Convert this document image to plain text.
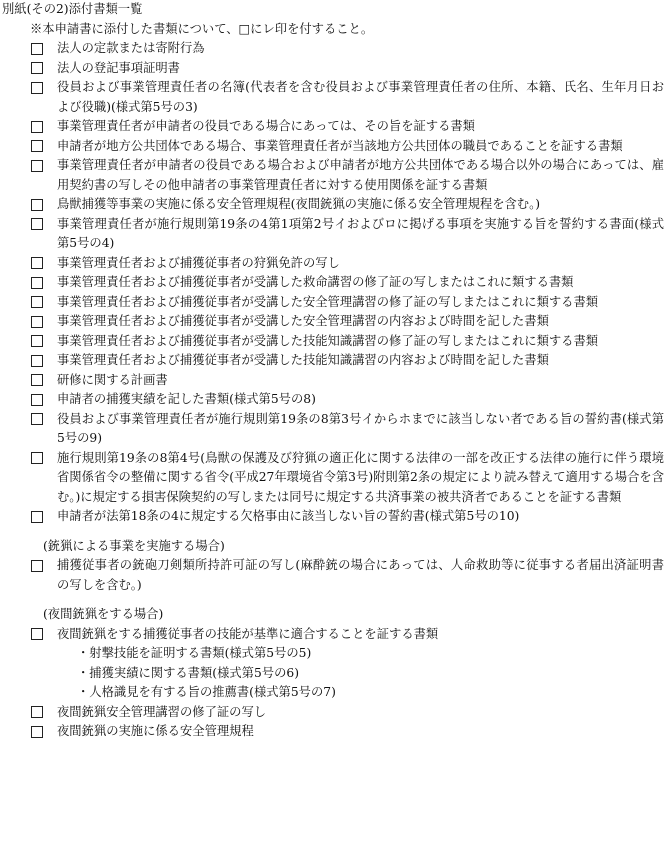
別紙(その2)添付書類一覧
※本申請書に添付した書類について、□にレ印を付すること。
法人の定款または寄附行為
法人の登記事項証明書
役員および事業管理責任者の名簿(代表者を含む役員および事業管理責任者の住所、本籍、氏名、生年月日および役職)(様式第5号の3)
事業管理責任者が申請者の役員である場合にあっては、その旨を証する書類
申請者が地方公共団体である場合、事業管理責任者が当該地方公共団体の職員であることを証する書類
事業管理責任者が申請者の役員である場合および申請者が地方公共団体である場合以外の場合にあっては、雇用契約書の写しその他申請者の事業管理責任者に対する使用関係を証する書類
鳥獣捕獲等事業の実施に係る安全管理規程(夜間銃猟の実施に係る安全管理規程を含む。)
事業管理責任者が施行規則第19条の4第1項第2号イおよびロに掲げる事項を実施する旨を誓約する書面(様式第5号の4)
事業管理責任者および捕獲従事者の狩猟免許の写し
事業管理責任者および捕獲従事者が受講した救命講習の修了証の写しまたはこれに類する書類
事業管理責任者および捕獲従事者が受講した安全管理講習の修了証の写しまたはこれに類する書類
事業管理責任者および捕獲従事者が受講した安全管理講習の内容および時間を記した書類
事業管理責任者および捕獲従事者が受講した技能知識講習の修了証の写しまたはこれに類する書類
事業管理責任者および捕獲従事者が受講した技能知識講習の内容および時間を記した書類
研修に関する計画書
申請者の捕獲実績を記した書類(様式第5号の8)
役員および事業管理責任者が施行規則第19条の8第3号イからホまでに該当しない者である旨の誓約書(様式第5号の9)
施行規則第19条の8第4号(鳥獣の保護及び狩猟の適正化に関する法律の一部を改正する法律の施行に伴う環境省関係省令の整備に関する省令(平成27年環境省令第3号)附則第2条の規定により読み替えて適用する場合を含む。)に規定する損害保険契約の写しまたは同号に規定する共済事業の被共済者であることを証する書類
申請者が法第18条の4に規定する欠格事由に該当しない旨の誓約書(様式第5号の10)
(銃猟による事業を実施する場合)
捕獲従事者の銃砲刀剣類所持許可証の写し(麻酔銃の場合にあっては、人命救助等に従事する者届出済証明書の写しを含む。)
(夜間銃猟をする場合)
夜間銃猟をする捕獲従事者の技能が基準に適合することを証する書類
・射撃技能を証明する書類(様式第5号の5)
・捕獲実績に関する書類(様式第5号の6)
・人格識見を有する旨の推薦書(様式第5号の7)
夜間銃猟安全管理講習の修了証の写し
夜間銃猟の実施に係る安全管理規程
